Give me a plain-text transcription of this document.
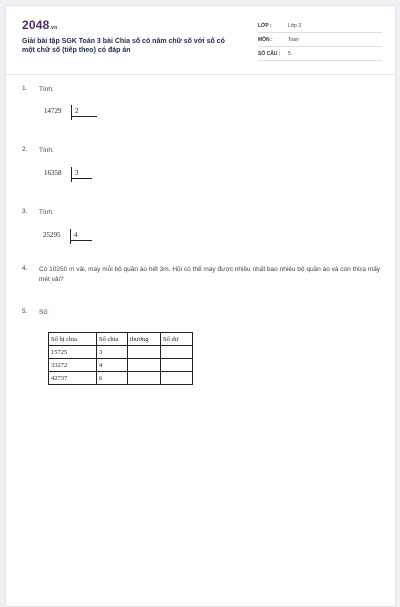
2048.vn
Giải bài tập SGK Toán 3 bài Chia số có năm chữ số với số có một chữ số (tiếp theo) có đáp án
LỚP :	Lớp 3
MÔN :	Toán
SỐ CÂU : 5
1. Tính:
14729 2
2. Tính:
16358 3
3. Tính:
25295 4
4. Có 10250 m vải, may mỗi bộ quần áo hết 3m. Hỏi có thể may được nhiều nhất bao nhiêu bộ quần áo và còn thừa mấy mét vải?
5. Số:
Số bị chia	Số chia	thương	Số dư
15725	3		
33272	4		
42737	6		
